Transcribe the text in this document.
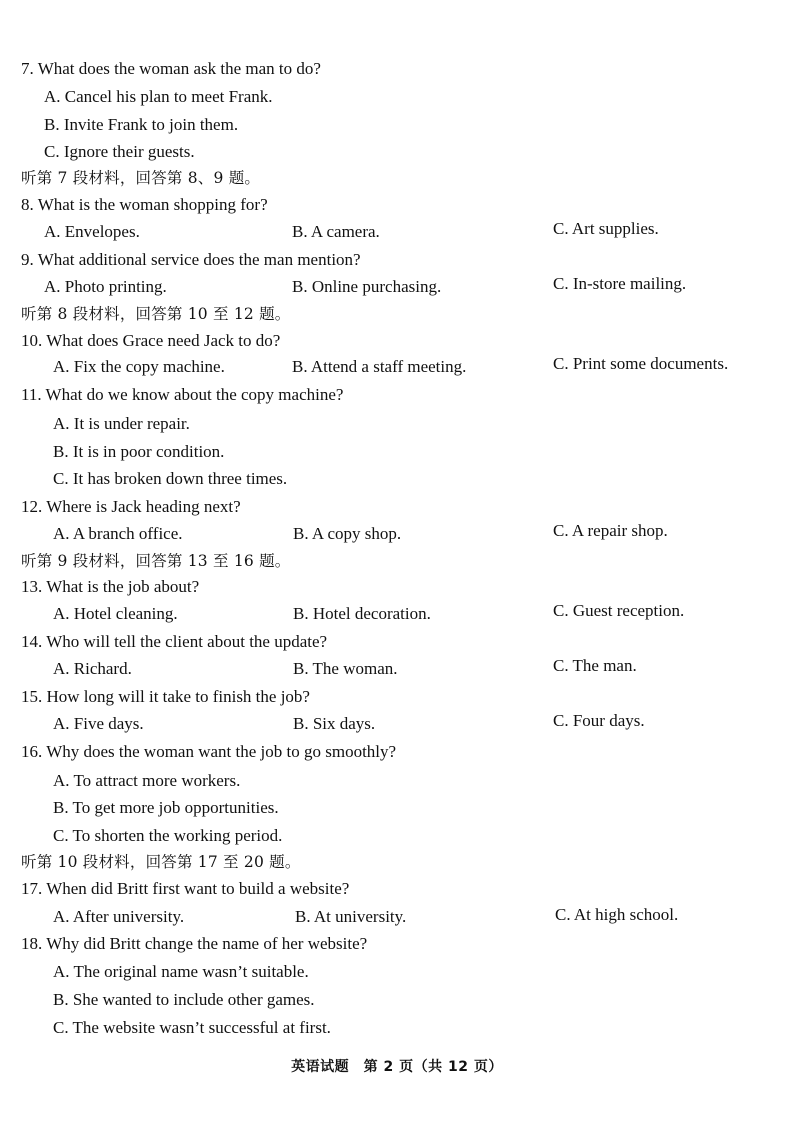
7. What does the woman ask the man to do?
A. Cancel his plan to meet Frank.
B. Invite Frank to join them.
C. Ignore their guests.
听第 7 段材料，回答第 8、9 题。
8. What is the woman shopping for?
A. Envelopes.	B. A camera.	C. Art supplies.
9. What additional service does the man mention?
A. Photo printing.	B. Online purchasing.	C. In-store mailing.
听第 8 段材料，回答第 10 至 12 题。
10. What does Grace need Jack to do?
A. Fix the copy machine.	B. Attend a staff meeting.	C. Print some documents.
11. What do we know about the copy machine?
A. It is under repair.
B. It is in poor condition.
C. It has broken down three times.
12. Where is Jack heading next?
A. A branch office.	B. A copy shop.	C. A repair shop.
听第 9 段材料，回答第 13 至 16 题。
13. What is the job about?
A. Hotel cleaning.	B. Hotel decoration.	C. Guest reception.
14. Who will tell the client about the update?
A. Richard.	B. The woman.	C. The man.
15. How long will it take to finish the job?
A. Five days.	B. Six days.	C. Four days.
16. Why does the woman want the job to go smoothly?
A. To attract more workers.
B. To get more job opportunities.
C. To shorten the working period.
听第 10 段材料，回答第 17 至 20 题。
17. When did Britt first want to build a website?
A. After university.	B. At university.	C. At high school.
18. Why did Britt change the name of her website?
A. The original name wasn’t suitable.
B. She wanted to include other games.
C. The website wasn’t successful at first.
英语试题　第 2 页（共 12 页）
